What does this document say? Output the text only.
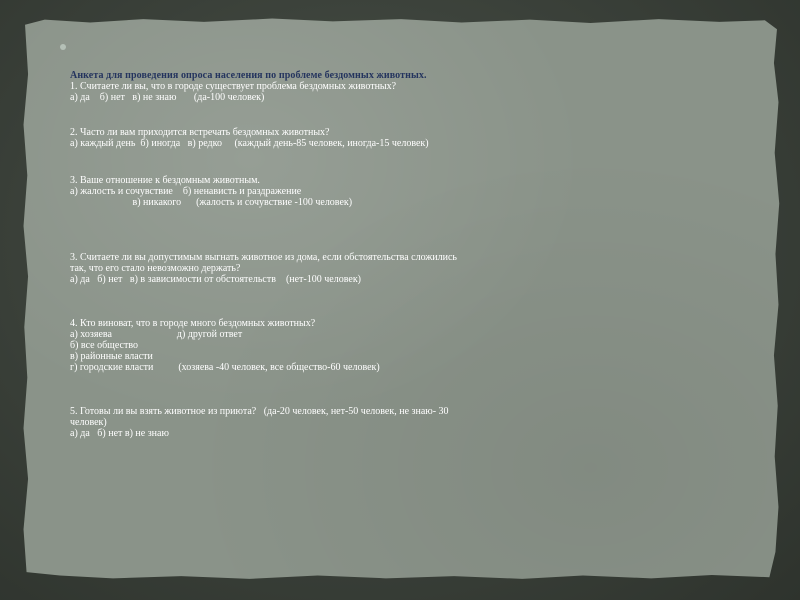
Анкета для проведения опроса населения по проблеме бездомных животных.
1. Считаете ли вы, что в городе существует проблема бездомных животных?
а) да    б) нет   в) не знаю       (да-100 человек)
2. Часто ли вам приходится встречать бездомных животных?
а) каждый день  б) иногда   в) редко     (каждый день-85 человек, иногда-15 человек)
3. Ваше отношение к бездомным животным.
а) жалость и сочувствие    б) ненависть и раздражение
в) никакого      (жалость и сочувствие -100 человек)
3. Считаете ли вы допустимым выгнать животное из дома, если обстоятельства сложились
так, что его стало невозможно держать?
а) да   б) нет   в) в зависимости от обстоятельств    (нет-100 человек)
4. Кто виноват, что в городе много бездомных животных?
а) хозяева                          д) другой ответ
б) все общество
в) районные власти
г) городские власти          (хозяева -40 человек, все общество-60 человек)
5. Готовы ли вы взять животное из приюта?   (да-20 человек, нет-50 человек, не знаю- 30
человек)
а) да   б) нет в) не знаю
